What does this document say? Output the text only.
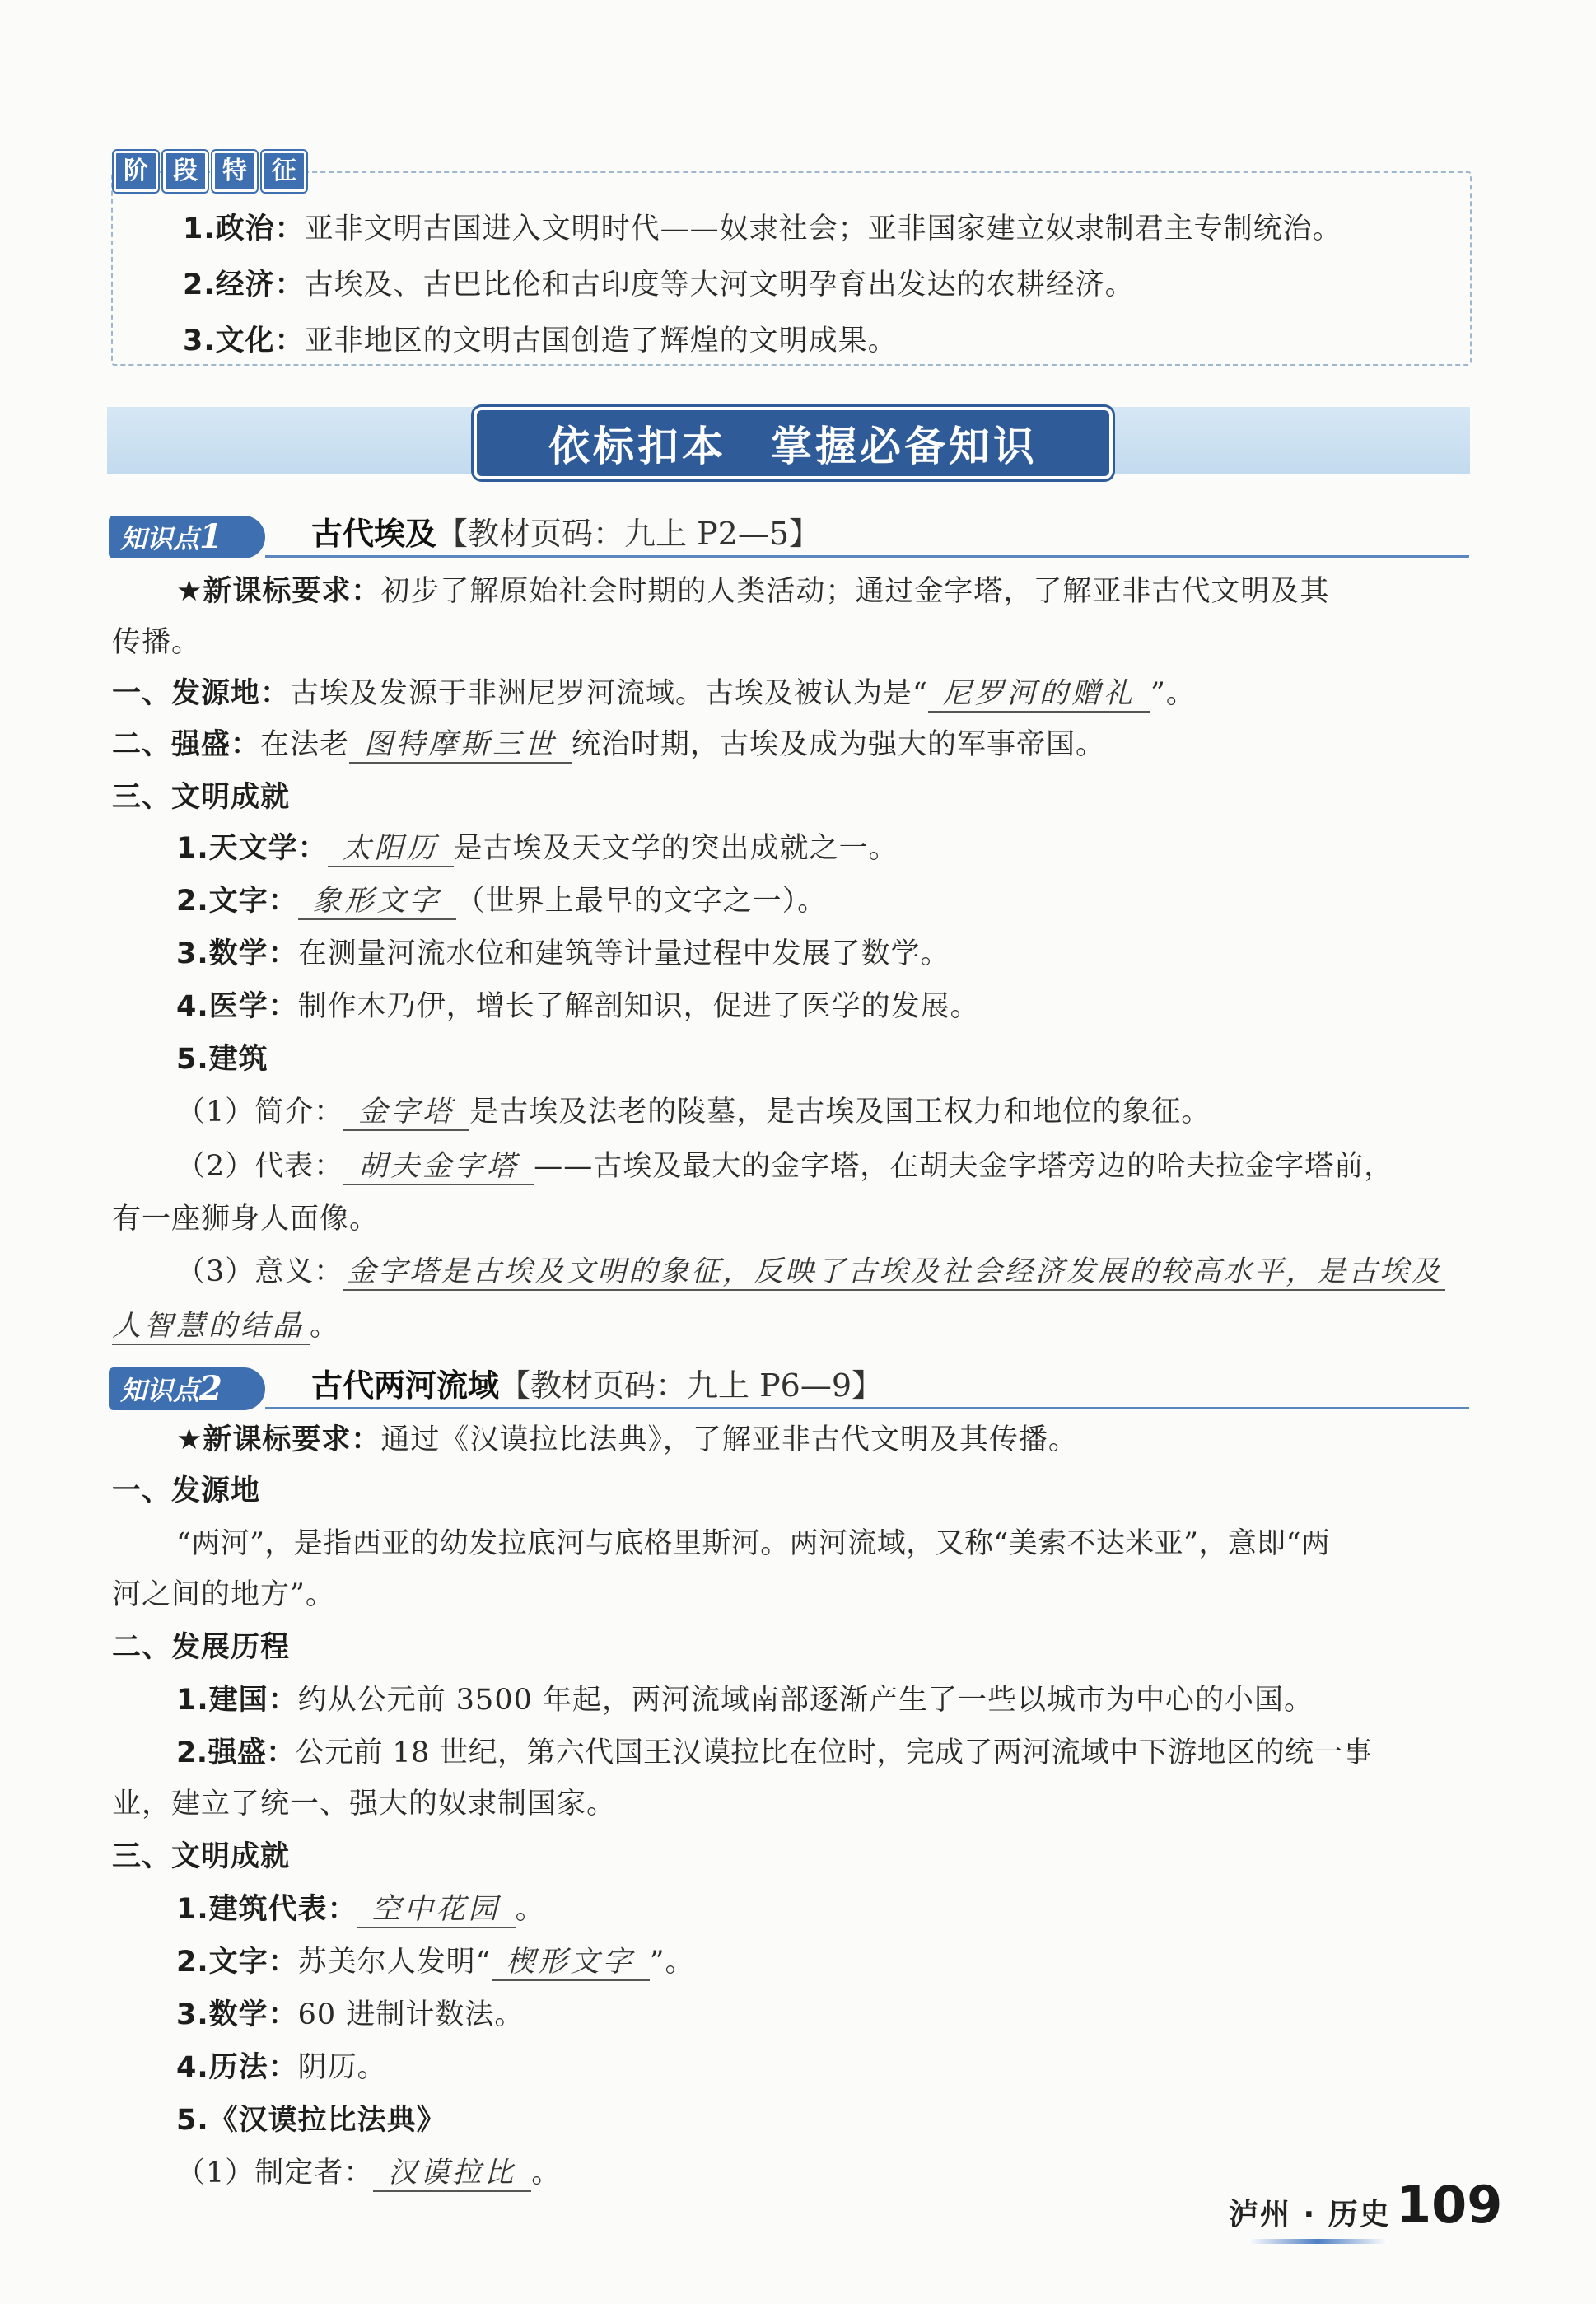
阶	段	特	征
1.政治：亚非文明古国进入文明时代——奴隶社会；亚非国家建立奴隶制君主专制统治。
2.经济：古埃及、古巴比伦和古印度等大河文明孕育出发达的农耕经济。
3.文化：亚非地区的文明古国创造了辉煌的文明成果。
依标扣本　掌握必备知识
知识点1	古代埃及【教材页码：九上 P2—5】
★新课标要求：初步了解原始社会时期的人类活动；通过金字塔，了解亚非古代文明及其
传播。
一、发源地：古埃及发源于非洲尼罗河流域。古埃及被认为是“ 尼罗河的赠礼 ”。
二、强盛：在法老 图特摩斯三世 统治时期，古埃及成为强大的军事帝国。
三、文明成就
1.天文学： 太阳历 是古埃及天文学的突出成就之一。
2.文字： 象形文字 （世界上最早的文字之一）。
3.数学：在测量河流水位和建筑等计量过程中发展了数学。
4.医学：制作木乃伊，增长了解剖知识，促进了医学的发展。
5.建筑
（1）简介： 金字塔 是古埃及法老的陵墓，是古埃及国王权力和地位的象征。
（2）代表： 胡夫金字塔 ——古埃及最大的金字塔，在胡夫金字塔旁边的哈夫拉金字塔前，
有一座狮身人面像。
（3）意义： 金字塔是古埃及文明的象征，反映了古埃及社会经济发展的较高水平，是古埃及
人智慧的结晶 。
知识点2	古代两河流域【教材页码：九上 P6—9】
★新课标要求：通过《汉谟拉比法典》，了解亚非古代文明及其传播。
一、发源地
“两河”，是指西亚的幼发拉底河与底格里斯河。两河流域，又称“美索不达米亚”，意即“两
河之间的地方”。
二、发展历程
1.建国：约从公元前 3500 年起，两河流域南部逐渐产生了一些以城市为中心的小国。
2.强盛：公元前 18 世纪，第六代国王汉谟拉比在位时，完成了两河流域中下游地区的统一事
业，建立了统一、强大的奴隶制国家。
三、文明成就
1.建筑代表： 空中花园 。
2.文字：苏美尔人发明“ 楔形文字 ”。
3.数学：60 进制计数法。
4.历法：阴历。
5.《汉谟拉比法典》
（1）制定者： 汉谟拉比 。
泸州 · 历史 109
